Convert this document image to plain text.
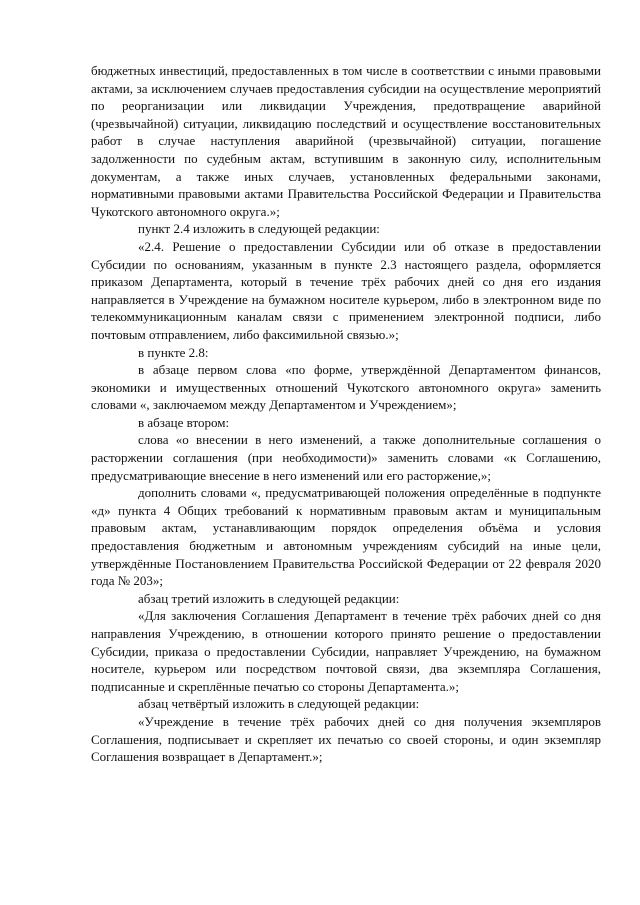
бюджетных инвестиций, предоставленных в том числе в соответствии с иными правовыми актами, за исключением случаев предоставления субсидии на осуществление мероприятий по реорганизации или ликвидации Учреждения, предотвращение аварийной (чрезвычайной) ситуации, ликвидацию последствий и осуществление восстановительных работ в случае наступления аварийной (чрезвычайной) ситуации, погашение задолженности по судебным актам, вступившим в законную силу, исполнительным документам, а также иных случаев, установленных федеральными законами, нормативными правовыми актами Правительства Российской Федерации и Правительства Чукотского автономного округа.»;

пункт 2.4 изложить в следующей редакции:

«2.4. Решение о предоставлении Субсидии или об отказе в предоставлении Субсидии по основаниям, указанным в пункте 2.3 настоящего раздела, оформляется приказом Департамента, который в течение трёх рабочих дней со дня его издания направляется в Учреждение на бумажном носителе курьером, либо в электронном виде по телекоммуникационным каналам связи с применением электронной подписи, либо почтовым отправлением, либо факсимильной связью.»;

в пункте 2.8:

в абзаце первом слова «по форме, утверждённой Департаментом финансов, экономики и имущественных отношений Чукотского автономного округа» заменить словами «, заключаемом между Департаментом и Учреждением»;

в абзаце втором:

слова «о внесении в него изменений, а также дополнительные соглашения о расторжении соглашения (при необходимости)» заменить словами «к Соглашению, предусматривающие внесение в него изменений или его расторжение,»;

дополнить словами «, предусматривающей положения определённые в подпункте «д» пункта 4 Общих требований к нормативным правовым актам и муниципальным правовым актам, устанавливающим порядок определения объёма и условия предоставления бюджетным и автономным учреждениям субсидий на иные цели, утверждённые Постановлением Правительства Российской Федерации от 22 февраля 2020 года № 203»;

абзац третий изложить в следующей редакции:

«Для заключения Соглашения Департамент в течение трёх рабочих дней со дня направления Учреждению, в отношении которого принято решение о предоставлении Субсидии, приказа о предоставлении Субсидии, направляет Учреждению, на бумажном носителе, курьером или посредством почтовой связи, два экземпляра Соглашения, подписанные и скреплённые печатью со стороны Департамента.»;

абзац четвёртый изложить в следующей редакции:

«Учреждение в течение трёх рабочих дней со дня получения экземпляров Соглашения, подписывает и скрепляет их печатью со своей стороны, и один экземпляр Соглашения возвращает в Департамент.»;
